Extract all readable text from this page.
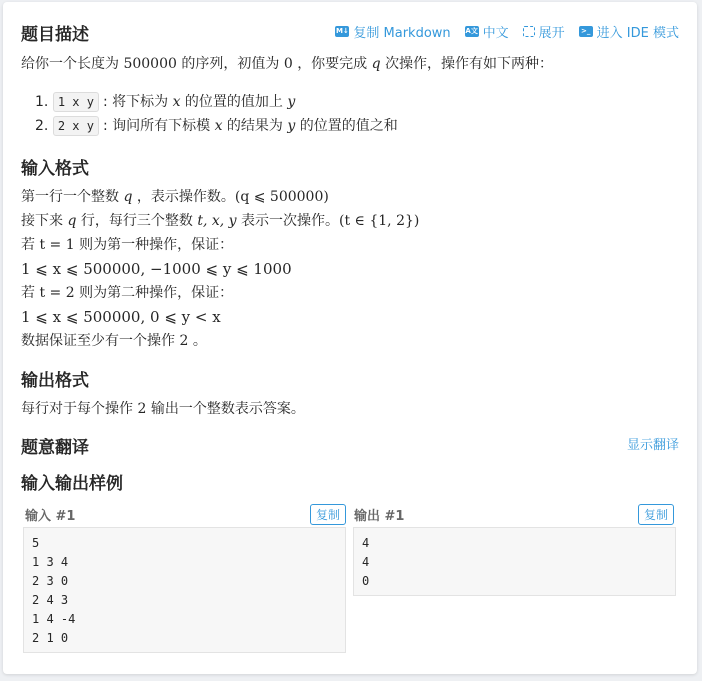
M↓ 复制 Markdown A文 中文 展开	>_ 进入 IDE 模式
题目描述
给你一个长度为 500000 的序列，初值为 0 ，你要完成 q 次操作，操作有如下两种：
1. 1 x y : 将下标为 x 的位置的值加上 y
2. 2 x y : 询问所有下标模 x 的结果为 y 的位置的值之和
输入格式
第一行一个整数 q ，表示操作数。(q ⩽ 500000)
接下来 q 行，每行三个整数 t, x, y 表示一次操作。(t ∈ {1, 2})
若 t = 1 则为第一种操作，保证：
1 ⩽ x ⩽ 500000, −1000 ⩽ y ⩽ 1000
若 t = 2 则为第二种操作，保证：
1 ⩽ x ⩽ 500000, 0 ⩽ y < x
数据保证至少有一个操作 2 。
输出格式
每行对于每个操作 2 输出一个整数表示答案。
题意翻译	显示翻译
输入输出样例
输入 #1	复制
5
1 3 4
2 3 0
2 4 3
1 4 -4
2 1 0
输出 #1	复制
4
4
0
